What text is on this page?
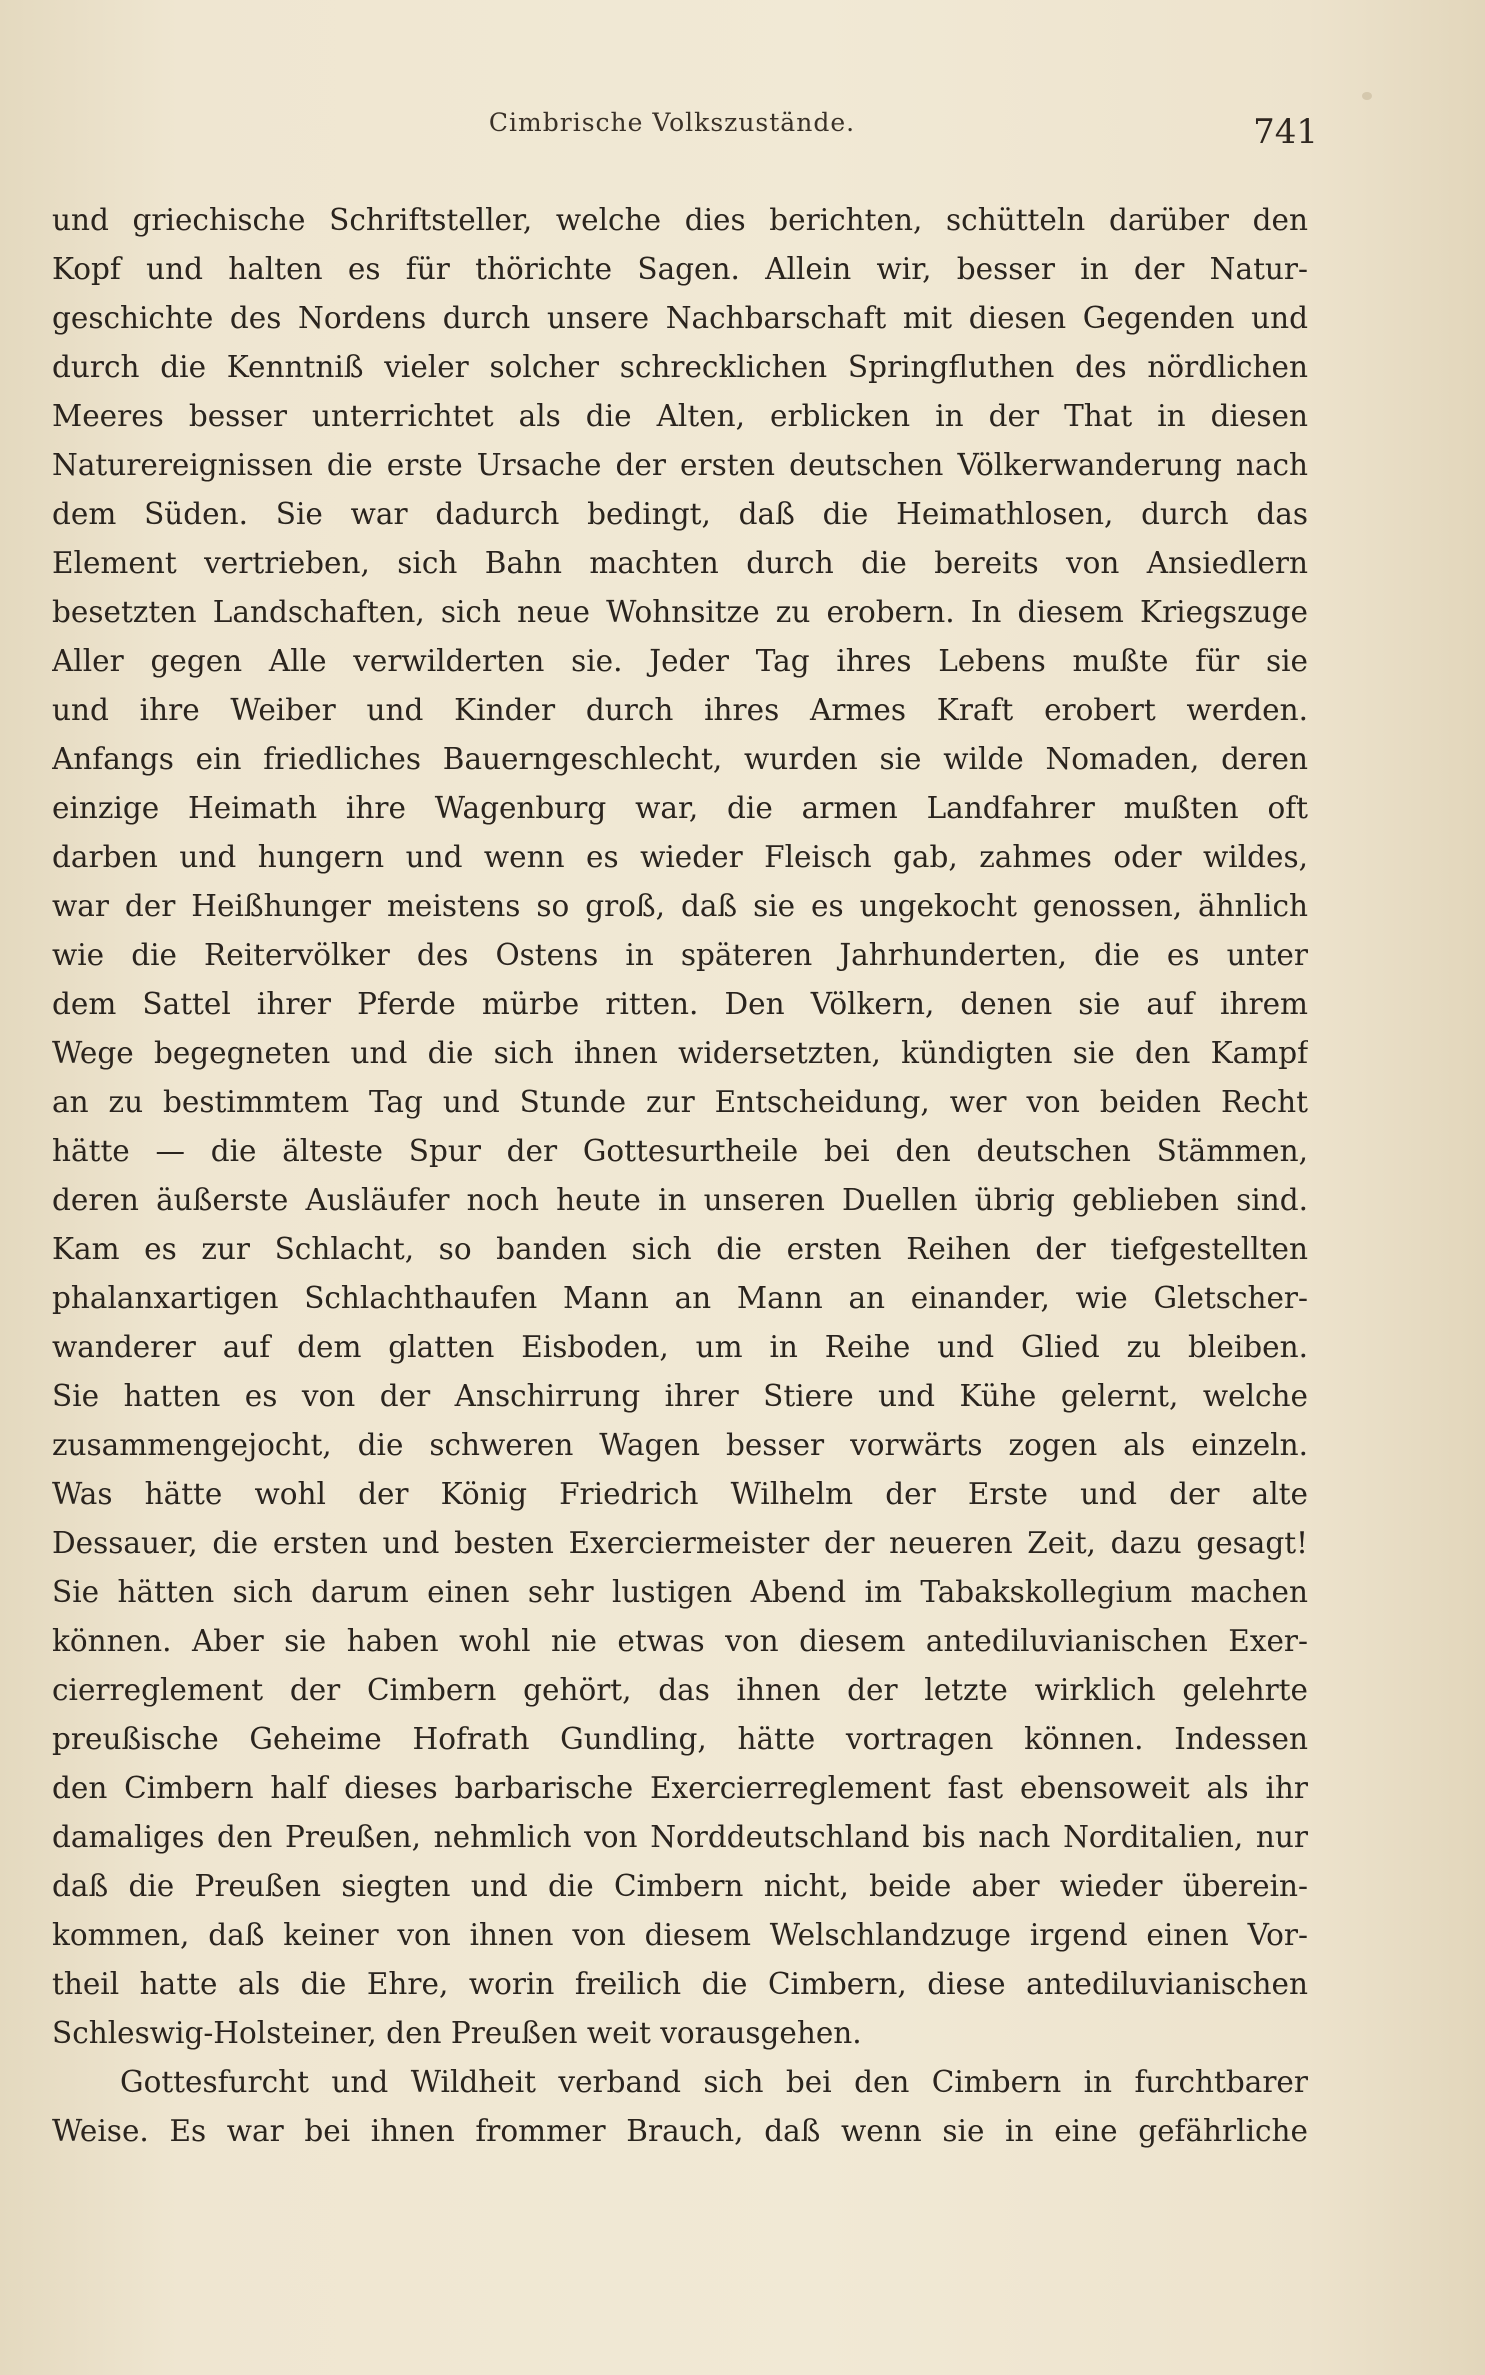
Cimbrische Volkszustände.	741
und griechische Schriftsteller, welche dies berichten, schütteln darüber den
Kopf und halten es für thörichte Sagen. Allein wir, besser in der Natur-
geschichte des Nordens durch unsere Nachbarschaft mit diesen Gegenden und
durch die Kenntniß vieler solcher schrecklichen Springfluthen des nördlichen
Meeres besser unterrichtet als die Alten, erblicken in der That in diesen
Naturereignissen die erste Ursache der ersten deutschen Völkerwanderung nach
dem Süden. Sie war dadurch bedingt, daß die Heimathlosen, durch das
Element vertrieben, sich Bahn machten durch die bereits von Ansiedlern
besetzten Landschaften, sich neue Wohnsitze zu erobern. In diesem Kriegszuge
Aller gegen Alle verwilderten sie. Jeder Tag ihres Lebens mußte für sie
und ihre Weiber und Kinder durch ihres Armes Kraft erobert werden.
Anfangs ein friedliches Bauerngeschlecht, wurden sie wilde Nomaden, deren
einzige Heimath ihre Wagenburg war, die armen Landfahrer mußten oft
darben und hungern und wenn es wieder Fleisch gab, zahmes oder wildes,
war der Heißhunger meistens so groß, daß sie es ungekocht genossen, ähnlich
wie die Reitervölker des Ostens in späteren Jahrhunderten, die es unter
dem Sattel ihrer Pferde mürbe ritten. Den Völkern, denen sie auf ihrem
Wege begegneten und die sich ihnen widersetzten, kündigten sie den Kampf
an zu bestimmtem Tag und Stunde zur Entscheidung, wer von beiden Recht
hätte — die älteste Spur der Gottesurtheile bei den deutschen Stämmen,
deren äußerste Ausläufer noch heute in unseren Duellen übrig geblieben sind.
Kam es zur Schlacht, so banden sich die ersten Reihen der tiefgestellten
phalanxartigen Schlachthaufen Mann an Mann an einander, wie Gletscher-
wanderer auf dem glatten Eisboden, um in Reihe und Glied zu bleiben.
Sie hatten es von der Anschirrung ihrer Stiere und Kühe gelernt, welche
zusammengejocht, die schweren Wagen besser vorwärts zogen als einzeln.
Was hätte wohl der König Friedrich Wilhelm der Erste und der alte
Dessauer, die ersten und besten Exerciermeister der neueren Zeit, dazu gesagt!
Sie hätten sich darum einen sehr lustigen Abend im Tabakskollegium machen
können. Aber sie haben wohl nie etwas von diesem antediluvianischen Exer-
cierreglement der Cimbern gehört, das ihnen der letzte wirklich gelehrte
preußische Geheime Hofrath Gundling, hätte vortragen können. Indessen
den Cimbern half dieses barbarische Exercierreglement fast ebensoweit als ihr
damaliges den Preußen, nehmlich von Norddeutschland bis nach Norditalien, nur
daß die Preußen siegten und die Cimbern nicht, beide aber wieder überein-
kommen, daß keiner von ihnen von diesem Welschlandzuge irgend einen Vor-
theil hatte als die Ehre, worin freilich die Cimbern, diese antediluvianischen
Schleswig-Holsteiner, den Preußen weit vorausgehen.
Gottesfurcht und Wildheit verband sich bei den Cimbern in furchtbarer
Weise. Es war bei ihnen frommer Brauch, daß wenn sie in eine gefährliche
